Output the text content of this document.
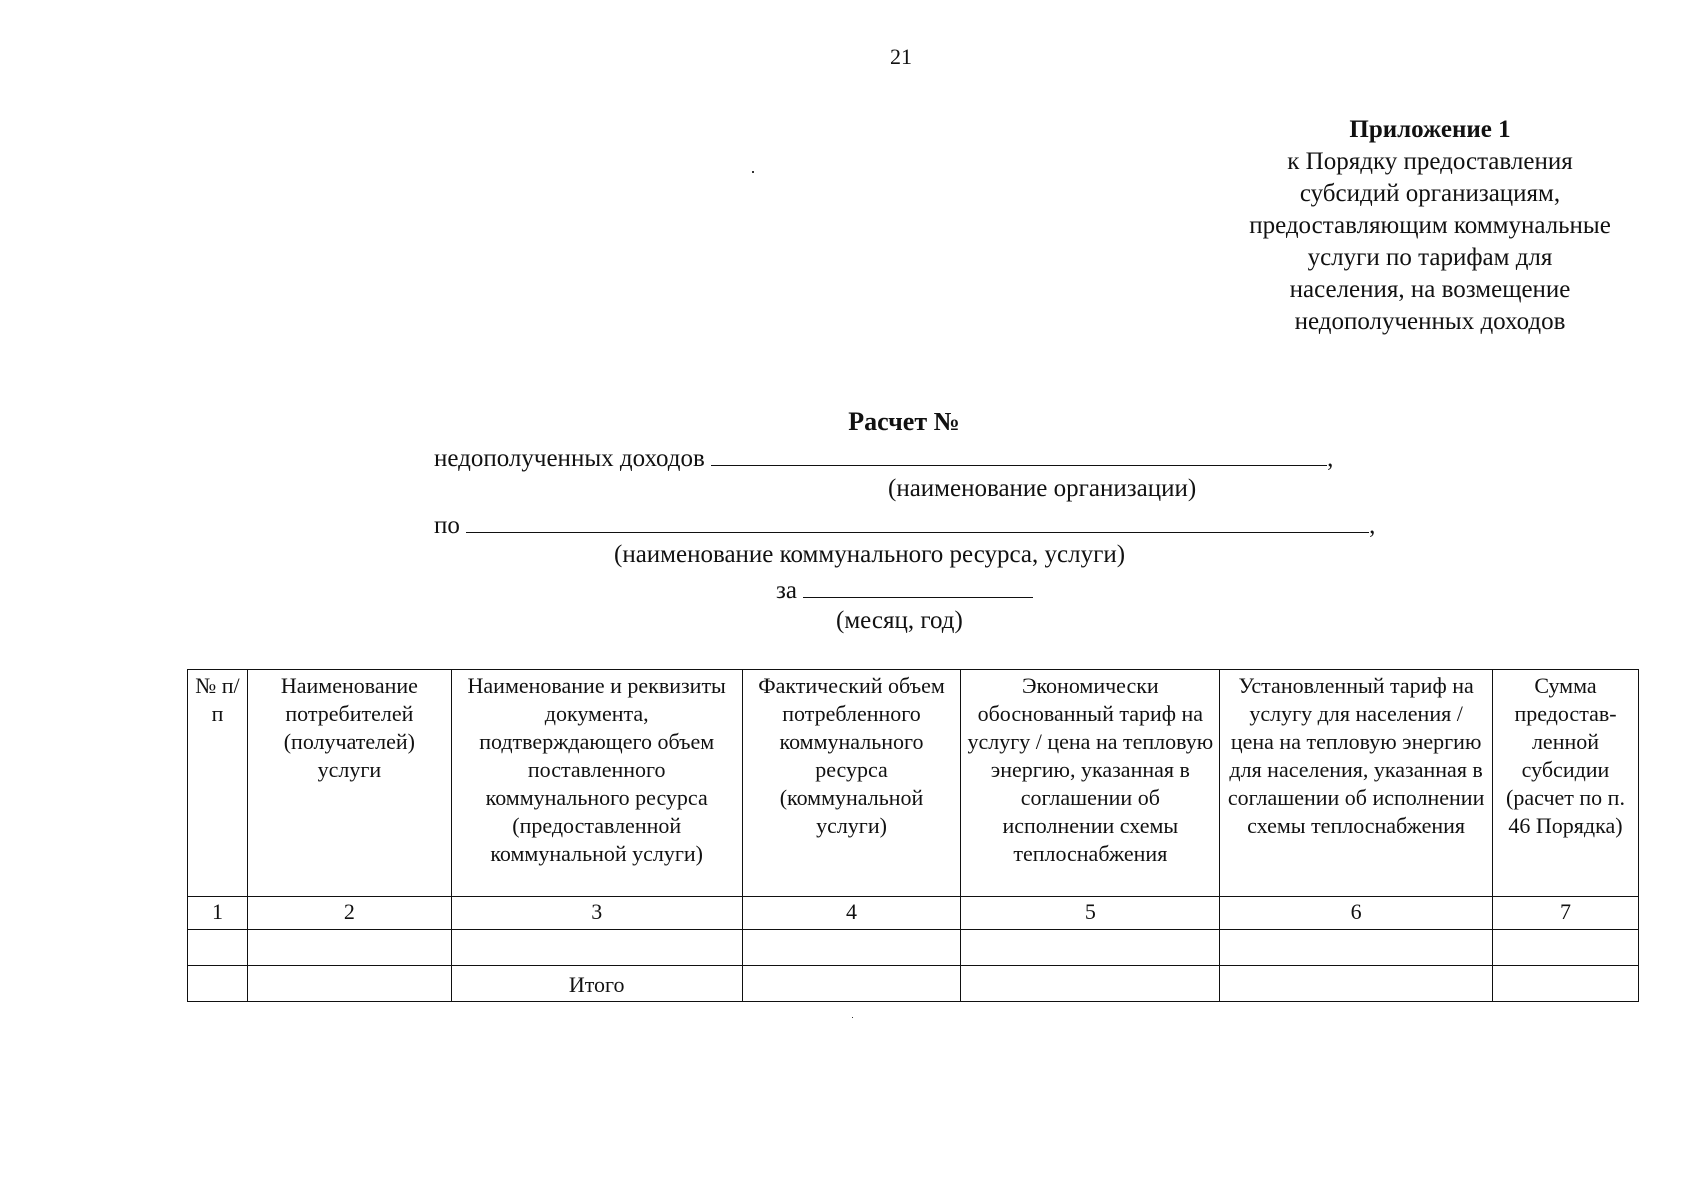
21
Приложение 1
к Порядку предоставления
субсидий организациям,
предоставляющим коммунальные
услуги по тарифам для
населения, на возмещение
недополученных доходов
Расчет №
недополученных доходов	,
(наименование организации)
по	,
(наименование коммунального ресурса, услуги)
за
(месяц, год)
№ п/п	Наименование потребителей (получателей) услуги	Наименование и реквизиты документа, подтверждающего объем поставленного коммунального ресурса (предоставленной коммунальной услуги)	Фактический объем потребленного коммунального ресурса (коммунальной услуги)	Экономически обоснованный тариф на услугу / цена на тепловую энергию, указанная в соглашении об исполнении схемы теплоснабжения	Установленный тариф на услугу для населения / цена на тепловую энергию для населения, указанная в соглашении об исполнении схемы теплоснабжения	Сумма предостав-ленной субсидии (расчет по п. 46 Порядка)
1	2	3	4	5	6	7

		Итого				
